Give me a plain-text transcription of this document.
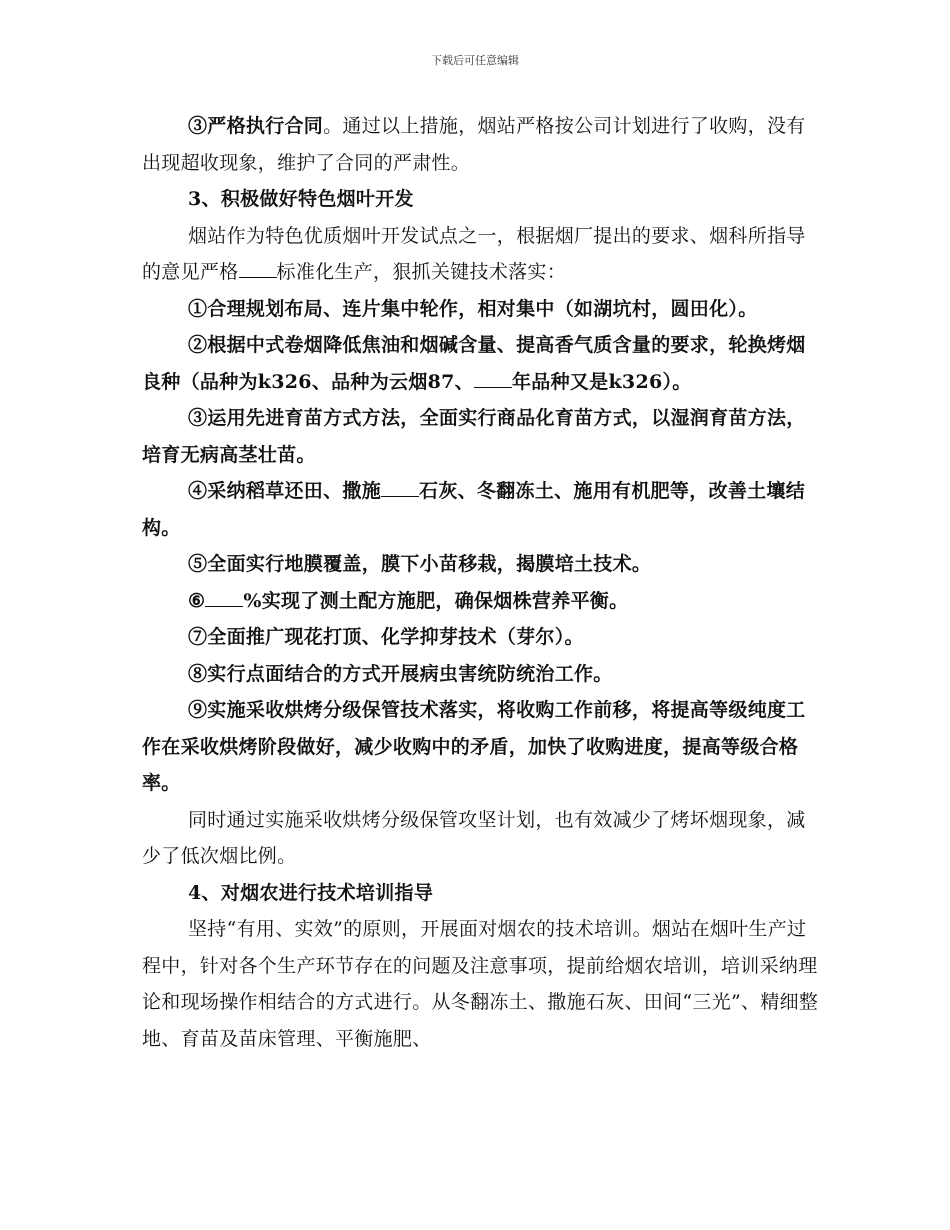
下载后可任意编辑

③严格执行合同。通过以上措施，烟站严格按公司计划进行了收购，没有出现超收现象，维护了合同的严肃性。

3、积极做好特色烟叶开发

烟站作为特色优质烟叶开发试点之一，根据烟厂提出的要求、烟科所指导的意见严格 标准化生产，狠抓关键技术落实：

①合理规划布局、连片集中轮作，相对集中（如湖坑村，圆田化）。

②根据中式卷烟降低焦油和烟碱含量、提高香气质含量的要求，轮换烤烟良种（品种为k326、品种为云烟87、 年品种又是k326）。

③运用先进育苗方式方法，全面实行商品化育苗方式，以湿润育苗方法，培育无病高茎壮苗。

④采纳稻草还田、撒施 石灰、冬翻冻土、施用有机肥等，改善土壤结构。

⑤全面实行地膜覆盖，膜下小苗移栽，揭膜培土技术。

⑥ %实现了测土配方施肥，确保烟株营养平衡。

⑦全面推广现花打顶、化学抑芽技术（芽尔）。

⑧实行点面结合的方式开展病虫害统防统治工作。

⑨实施采收烘烤分级保管技术落实，将收购工作前移，将提高等级纯度工作在采收烘烤阶段做好，减少收购中的矛盾，加快了收购进度，提高等级合格率。

同时通过实施采收烘烤分级保管攻坚计划，也有效减少了烤坏烟现象，减少了低次烟比例。

4、对烟农进行技术培训指导

坚持“有用、实效”的原则，开展面对烟农的技术培训。烟站在烟叶生产过程中，针对各个生产环节存在的问题及注意事项，提前给烟农培训，培训采纳理论和现场操作相结合的方式进行。从冬翻冻土、撒施石灰、田间“三光”、精细整地、育苗及苗床管理、平衡施肥、
